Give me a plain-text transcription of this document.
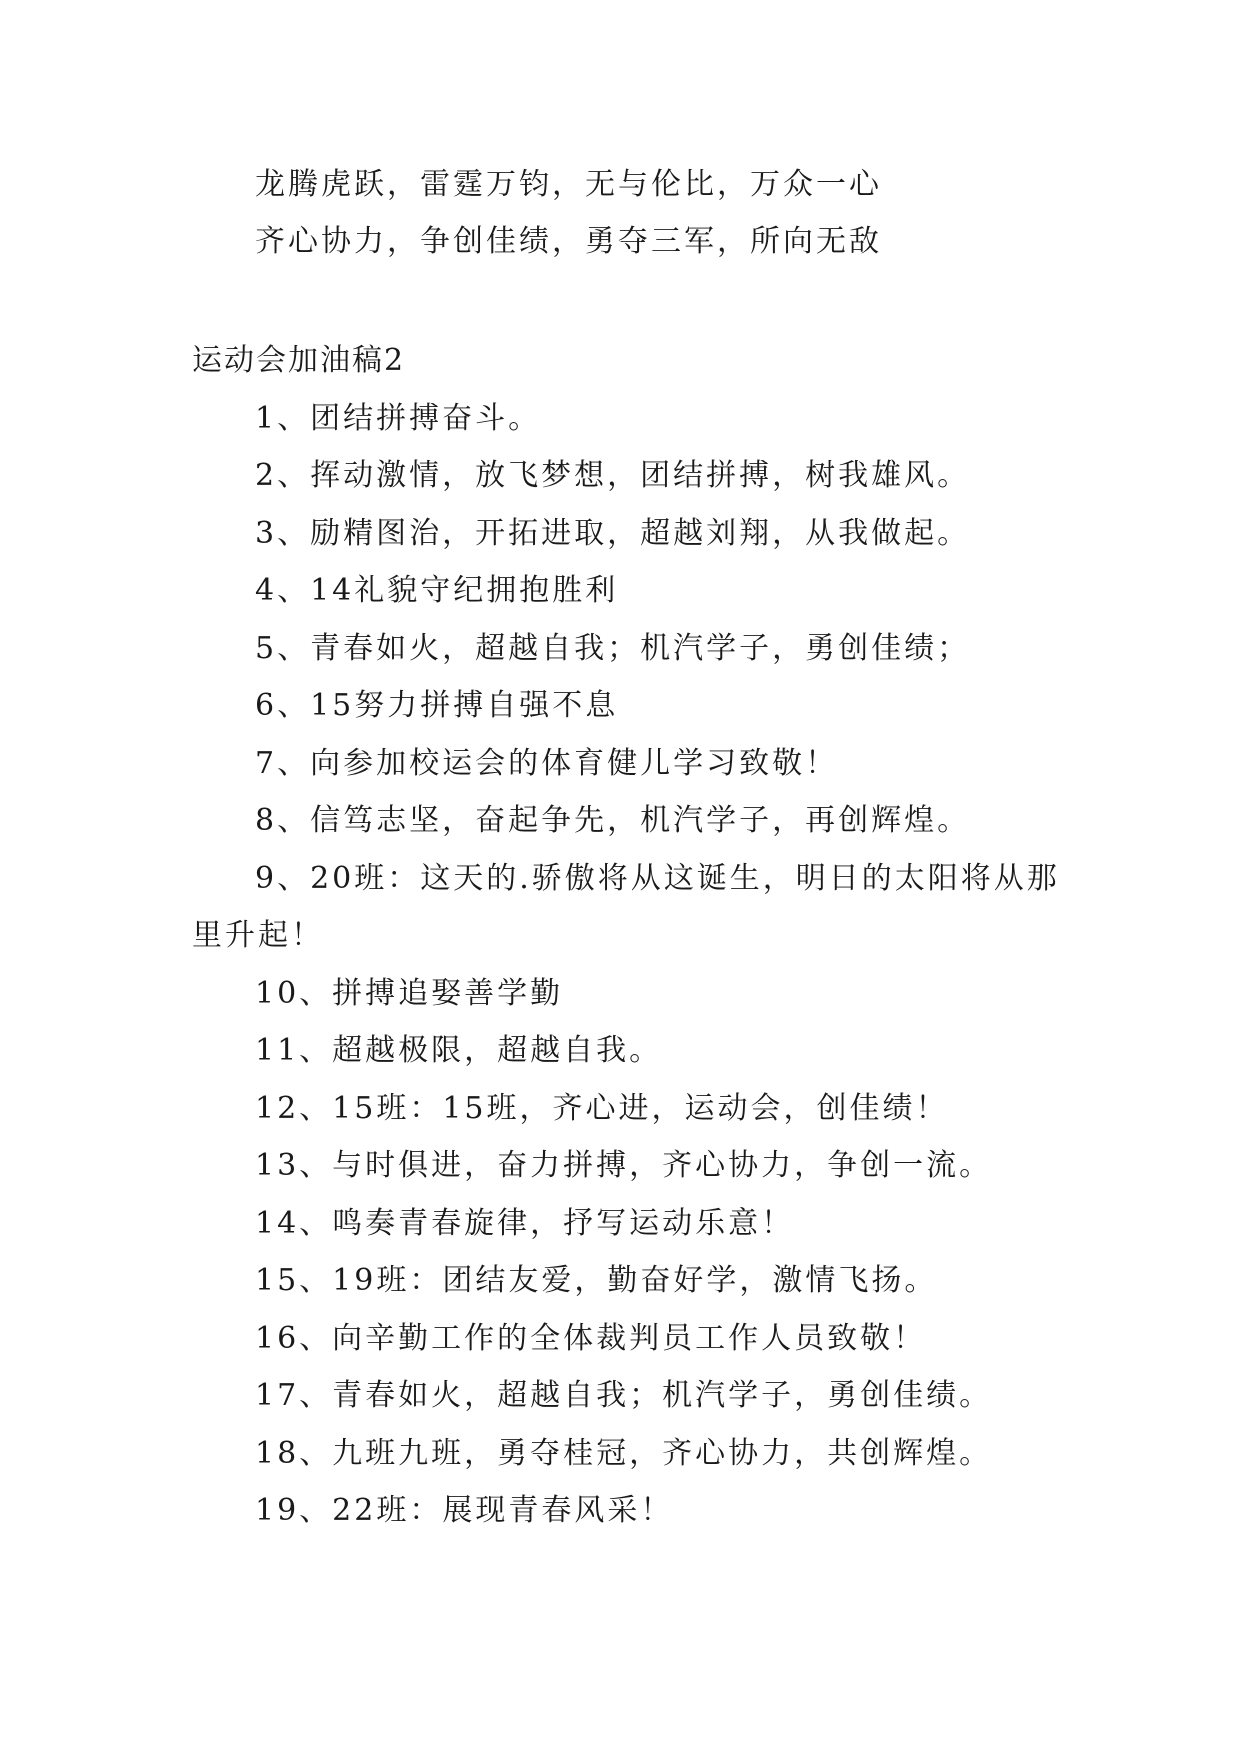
龙腾虎跃，雷霆万钧，无与伦比，万众一心
齐心协力，争创佳绩，勇夺三军，所向无敌
运动会加油稿2
1、团结拼搏奋斗。
2、挥动激情，放飞梦想，团结拼搏，树我雄风。
3、励精图治，开拓进取，超越刘翔，从我做起。
4、14礼貌守纪拥抱胜利
5、青春如火，超越自我；机汽学子，勇创佳绩；
6、15努力拼搏自强不息
7、向参加校运会的体育健儿学习致敬！
8、信笃志坚，奋起争先，机汽学子，再创辉煌。
9、20班：这天的.骄傲将从这诞生，明日的太阳将从那
里升起！
10、拼搏追娶善学勤
11、超越极限，超越自我。
12、15班：15班，齐心进，运动会，创佳绩！
13、与时俱进，奋力拼搏，齐心协力，争创一流。
14、鸣奏青春旋律，抒写运动乐意！
15、19班：团结友爱，勤奋好学，激情飞扬。
16、向辛勤工作的全体裁判员工作人员致敬！
17、青春如火，超越自我；机汽学子，勇创佳绩。
18、九班九班，勇夺桂冠，齐心协力，共创辉煌。
19、22班：展现青春风采！
